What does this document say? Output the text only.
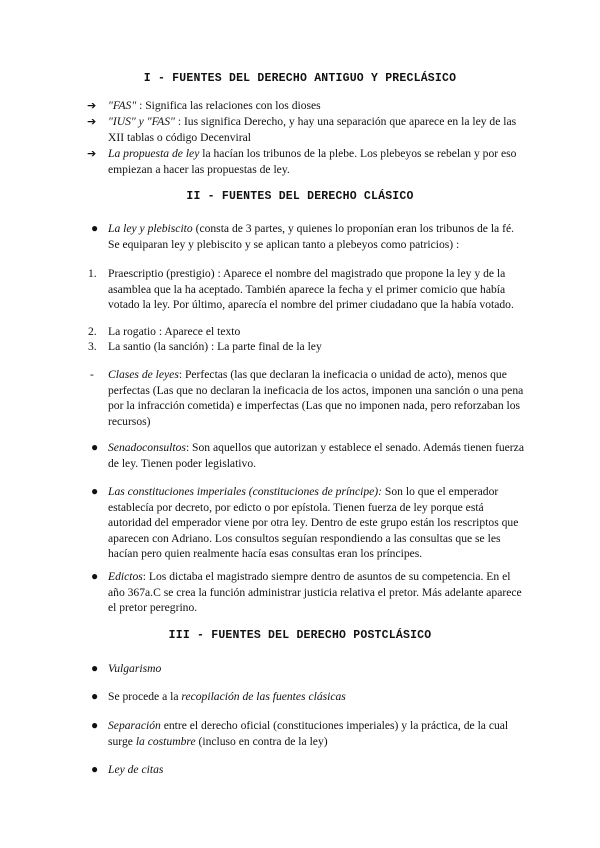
I - FUENTES DEL DERECHO ANTIGUO Y PRECLÁSICO
➔ "FAS" : Significa las relaciones con los dioses
➔ "IUS" y "FAS" : Ius significa Derecho, y hay una separación que aparece en la ley de las XII tablas o código Decenviral
➔ La propuesta de ley la hacían los tribunos de la plebe. Los plebeyos se rebelan y por eso empiezan a hacer las propuestas de ley.
II - FUENTES DEL DERECHO CLÁSICO
● La ley y plebiscito (consta de 3 partes, y quienes lo proponían eran los tribunos de la fé. Se equiparan ley y plebiscito y se aplican tanto a plebeyos como patricios) :
1. Praescriptio (prestigio) : Aparece el nombre del magistrado que propone la ley y de la asamblea que la ha aceptado. También aparece la fecha y el primer comicio que había votado la ley. Por último, aparecía el nombre del primer ciudadano que la había votado.
2. La rogatio : Aparece el texto
3. La santio (la sanción) : La parte final de la ley
- Clases de leyes: Perfectas (las que declaran la ineficacia o unidad de acto), menos que perfectas (Las que no declaran la ineficacia de los actos, imponen una sanción o una pena por la infracción cometida) e imperfectas (Las que no imponen nada, pero reforzaban los recursos)
● Senadoconsultos: Son aquellos que autorizan y establece el senado. Además tienen fuerza de ley. Tienen poder legislativo.
● Las constituciones imperiales (constituciones de príncipe): Son lo que el emperador establecía por decreto, por edicto o por epístola. Tienen fuerza de ley porque está autoridad del emperador viene por otra ley. Dentro de este grupo están los rescriptos que aparecen con Adriano. Los consultos seguían respondiendo a las consultas que se les hacían pero quien realmente hacía esas consultas eran los príncipes.
● Edictos: Los dictaba el magistrado siempre dentro de asuntos de su competencia. En el año 367a.C se crea la función administrar justicia relativa el pretor. Más adelante aparece el pretor peregrino.
III - FUENTES DEL DERECHO POSTCLÁSICO
● Vulgarismo
● Se procede a la recopilación de las fuentes clásicas
● Separación entre el derecho oficial (constituciones imperiales) y la práctica, de la cual surge la costumbre (incluso en contra de la ley)
● Ley de citas
